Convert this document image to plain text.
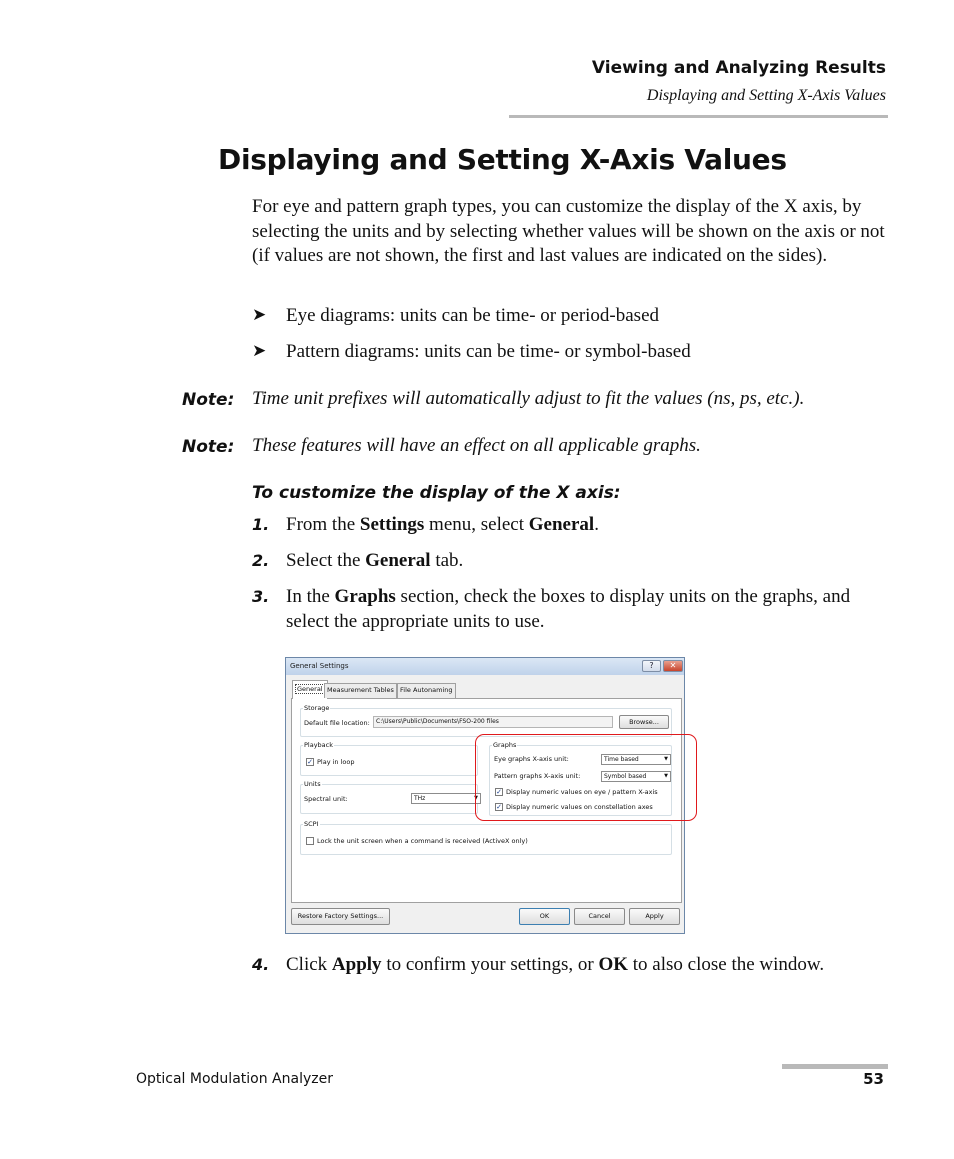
Viewing and Analyzing Results
Displaying and Setting X-Axis Values
Displaying and Setting X-Axis Values
For eye and pattern graph types, you can customize the display of the X axis, by selecting the units and by selecting whether values will be shown on the axis or not (if values are not shown, the first and last values are indicated on the sides).
➤ Eye diagrams: units can be time- or period-based
➤ Pattern diagrams: units can be time- or symbol-based
Note: Time unit prefixes will automatically adjust to fit the values (ns, ps, etc.).
Note: These features will have an effect on all applicable graphs.
To customize the display of the X axis:
1. From the Settings menu, select General.
2. Select the General tab.
3. In the Graphs section, check the boxes to display units on the graphs, and select the appropriate units to use.
General Settings	?	✕
General Measurement Tables File Autonaming
Storage
Default file location:	C:\Users\Public\Documents\FSO-200 files	Browse...
Playback
✓ Play in loop
Units
Spectral unit:	THz	▼
Graphs
Eye graphs X-axis unit:	Time based	▼
Pattern graphs X-axis unit:	Symbol based	▼
✓ Display numeric values on eye / pattern X-axis
✓ Display numeric values on constellation axes
SCPI
Lock the unit screen when a command is received (ActiveX only)
Restore Factory Settings...	OK	Cancel	Apply
4. Click Apply to confirm your settings, or OK to also close the window.
Optical Modulation Analyzer	53
